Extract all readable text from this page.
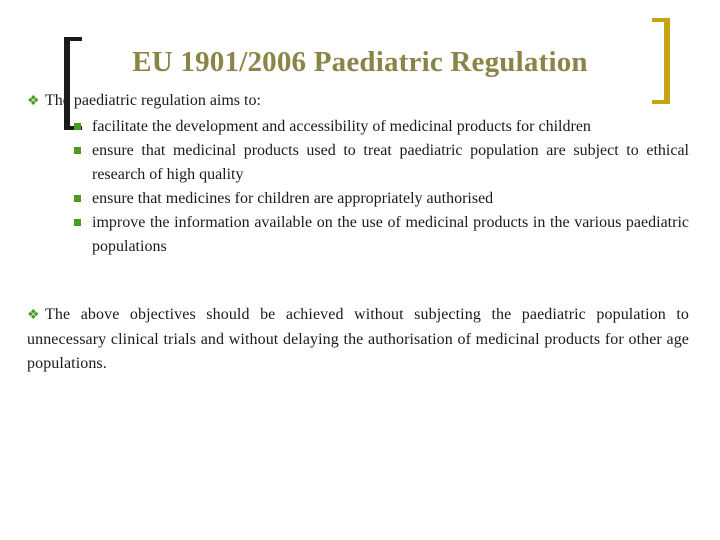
EU 1901/2006 Paediatric Regulation
❖ The paediatric regulation aims to:
facilitate the development and accessibility of medicinal products for children
ensure that medicinal products used to treat paediatric population are subject to ethical research of high quality
ensure that medicines for children are appropriately authorised
improve the information available on the use of medicinal products in the various paediatric populations
❖ The above objectives should be achieved without subjecting the paediatric population to unnecessary clinical trials and without delaying the authorisation of medicinal products for other age populations.
